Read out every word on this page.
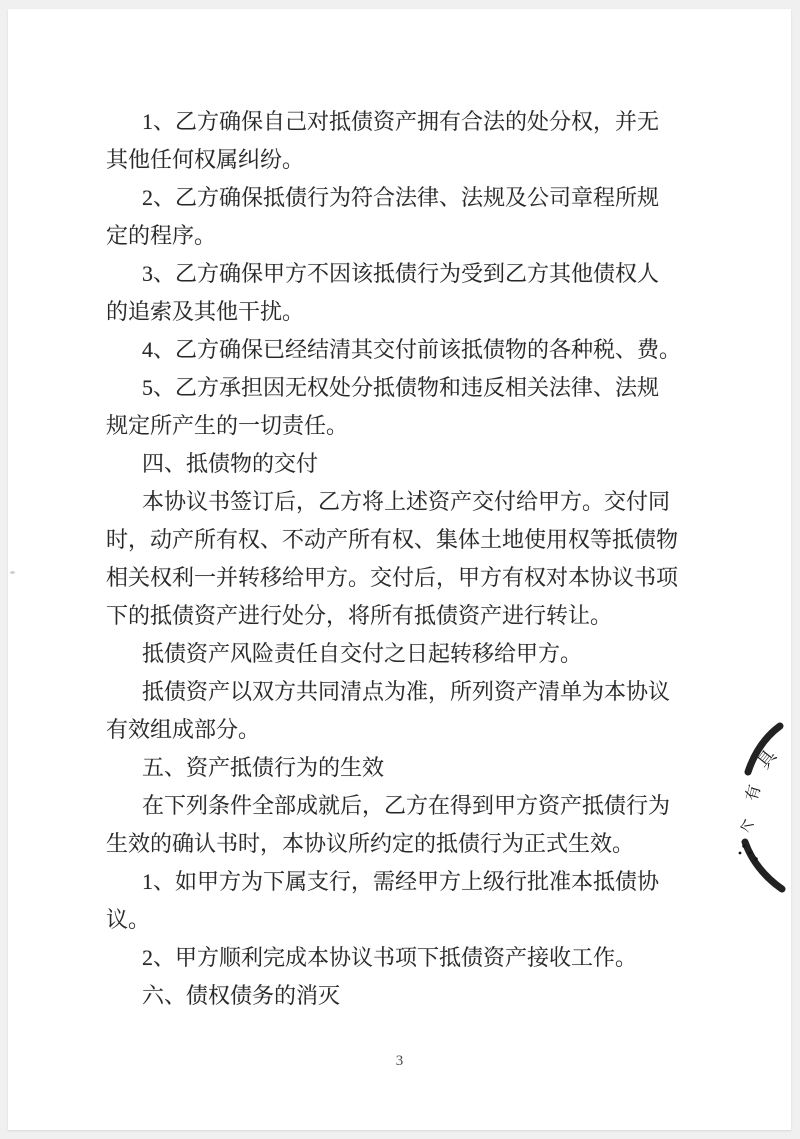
1、乙方确保自己对抵债资产拥有合法的处分权，并无
其他任何权属纠纷。
2、乙方确保抵债行为符合法律、法规及公司章程所规
定的程序。
3、乙方确保甲方不因该抵债行为受到乙方其他债权人
的追索及其他干扰。
4、乙方确保已经结清其交付前该抵债物的各种税、费。
5、乙方承担因无权处分抵债物和违反相关法律、法规
规定所产生的一切责任。
四、抵债物的交付
本协议书签订后，乙方将上述资产交付给甲方。交付同
时，动产所有权、不动产所有权、集体土地使用权等抵债物
相关权利一并转移给甲方。交付后，甲方有权对本协议书项
下的抵债资产进行处分，将所有抵债资产进行转让。
抵债资产风险责任自交付之日起转移给甲方。
抵债资产以双方共同清点为准，所列资产清单为本协议
有效组成部分。
五、资产抵债行为的生效
在下列条件全部成就后，乙方在得到甲方资产抵债行为
生效的确认书时，本协议所约定的抵债行为正式生效。
1、如甲方为下属支行，需经甲方上级行批准本抵债协
议。
2、甲方顺利完成本协议书项下抵债资产接收工作。
六、债权债务的消灭
3
具
有
个
